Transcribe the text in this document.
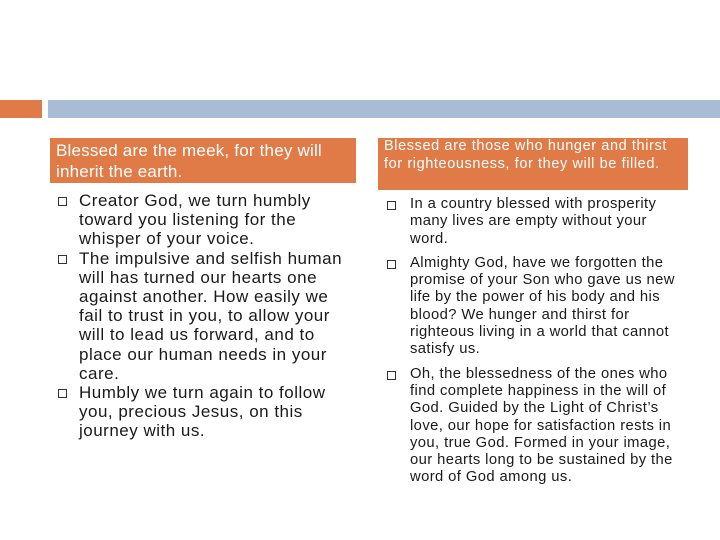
Blessed are the meek, for they will inherit the earth.
Creator God, we turn humbly toward you listening for the whisper of your voice.
The impulsive and selfish human will has turned our hearts one against another. How easily we fail to trust in you, to allow your will to lead us forward, and to place our human needs in your care.
Humbly we turn again to follow you, precious Jesus, on this journey with us.
Blessed are those who hunger and thirst for righteousness, for they will be filled.
In a country blessed with prosperity many lives are empty without your word.
Almighty God, have we forgotten the promise of your Son who gave us new life by the power of his body and his blood? We hunger and thirst for righteous living in a world that cannot satisfy us.
Oh, the blessedness of the ones who find complete happiness in the will of God. Guided by the Light of Christ’s love, our hope for satisfaction rests in you, true God. Formed in your image, our hearts long to be sustained by the word of God among us.
